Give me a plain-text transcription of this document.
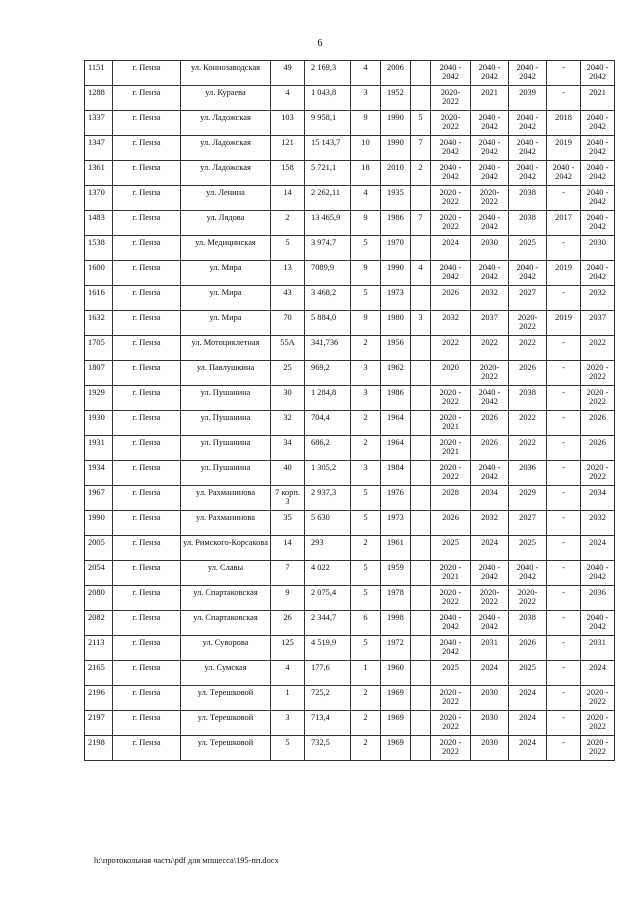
6
1151	г. Пенза	ул. Коннозаводская	49	2 169,3	4	2006		2040 - 2042	2040 - 2042	2040 - 2042	-	2040 - 2042
1288	г. Пенза	ул. Кураева	4	1 043,8	3	1952		2020- 2022	2021	2039	-	2021
1337	г. Пенза	ул. Ладожская	103	9 958,1	9	1990	5	2020- 2022	2040 - 2042	2040 - 2042	2018	2040 - 2042
1347	г. Пенза	ул. Ладожская	121	15 143,7	10	1990	7	2040 - 2042	2040 - 2042	2040 - 2042	2019	2040 - 2042
1361	г. Пенза	ул. Ладожская	158	5 721,1	18	2010	2	2040 - 2042	2040 - 2042	2040 - 2042	2040 - 2042	2040 - 2042
1370	г. Пенза	ул. Ленина	14	2 262,11	4	1935		2020 - 2022	2020- 2022	2038	-	2040 - 2042
1483	г. Пенза	ул. Лядова	2	13 465,9	9	1986	7	2020 - 2022	2040 - 2042	2038	2017	2040 - 2042
1538	г. Пенза	ул. Медицинская	5	3 974,7	5	1970		2024	2030	2025	-	2030
1600	г. Пенза	ул. Мира	13	7089,9	9	1990	4	2040 - 2042	2040 - 2042	2040 - 2042	2019	2040 - 2042
1616	г. Пенза	ул. Мира	43	3 468,2	5	1973		2026	2032	2027	-	2032
1632	г. Пенза	ул. Мира	70	5 884,0	9	1980	3	2032	2037	2020- 2022	2019	2037
1705	г. Пенза	ул. Мотоциклетная	55А	341,736	2	1956		2022	2022	2022	-	2022
1807	г. Пенза	ул. Павлушкина	25	969,2	3	1962		2020	2020- 2022	2026	-	2020 - 2022
1929	г. Пенза	ул. Пушанина	30	1 284,8	3	1986		2020 - 2022	2040 - 2042	2038	-	2020 - 2022
1930	г. Пенза	ул. Пушанина	32	704,4	2	1964		2020 - 2021	2026	2022	-	2026
1931	г. Пенза	ул. Пушанина	34	686,2	2	1964		2020 - 2021	2026	2022	-	2026
1934	г. Пенза	ул. Пушанина	40	1 305,2	3	1984		2020 - 2022	2040 - 2042	2036	-	2020 - 2022
1967	г. Пенза	ул. Рахманинова	7 корп. 3	2 937,3	5	1976		2028	2034	2029	-	2034
1990	г. Пенза	ул. Рахманинова	35	5 630	5	1973		2026	2032	2027	-	2032
2005	г. Пенза	ул. Римского-Корсакова	14	293	2	1961		2025	2024	2025	-	2024
2054	г. Пенза	ул. Славы	7	4 022	5	1959		2020 - 2021	2040 - 2042	2040 - 2042	-	2040 - 2042
2080	г. Пенза	ул. Спартаковская	9	2 075,4	5	1978		2020 - 2022	2020- 2022	2020- 2022	-	2036
2082	г. Пенза	ул. Спартаковская	26	2 344,7	6	1998		2040 - 2042	2040 - 2042	2038	-	2040 - 2042
2113	г. Пенза	ул. Суворова	125	4 519,9	5	1972		2040 - 2042	2031	2026	-	2031
2165	г. Пенза	ул. Сумская	4	177,6	1	1960		2025	2024	2025	-	2024
2196	г. Пенза	ул. Терешковой	1	725,2	2	1969		2020 - 2022	2030	2024	-	2020 - 2022
2197	г. Пенза	ул. Терешковой	3	713,4	2	1969		2020 - 2022	2030	2024	-	2020 - 2022
2198	г. Пенза	ул. Терешковой	5	732,5	2	1969		2020 - 2022	2030	2024	-	2020 - 2022
h:\протокольная часть\pdf для мпшесса\195-пп.docx
